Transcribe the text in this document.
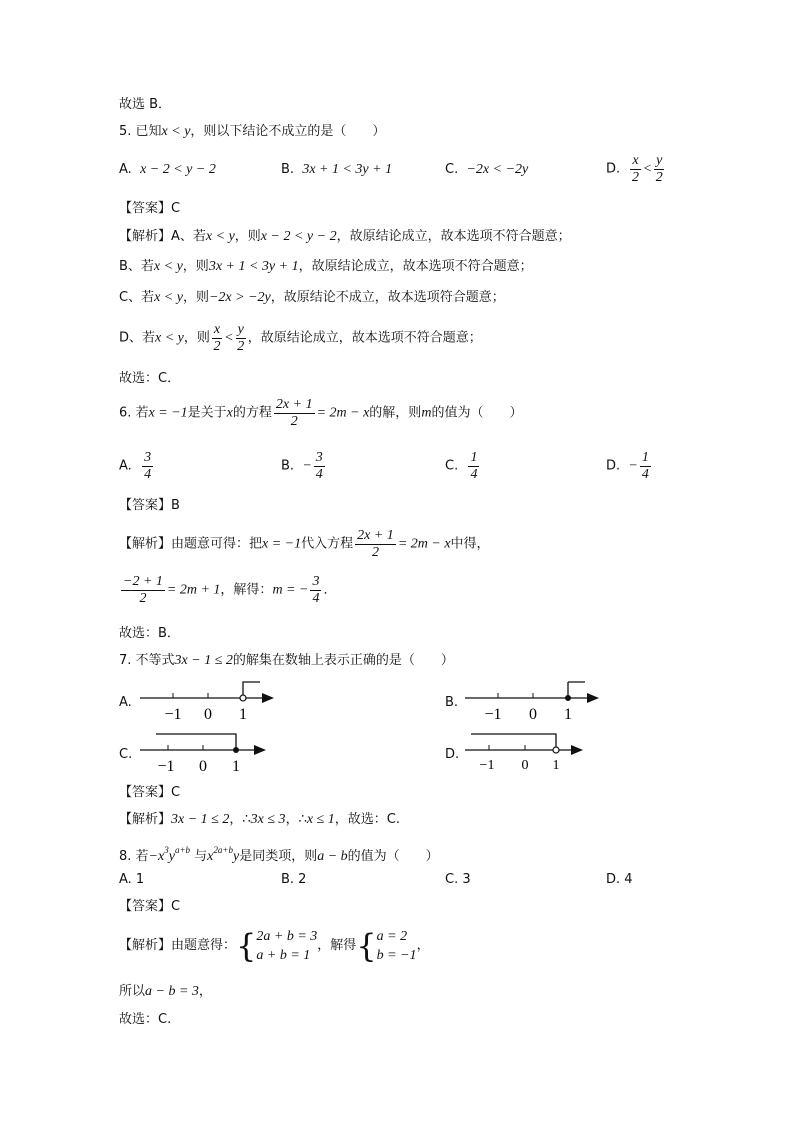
故选 B．
5. 已知x < y，则以下结论不成立的是（　　）
A. x − 2 < y − 2	B. 3x + 1 < 3y + 1	C. −2x < −2y	D. $\frac{x}{2} < \frac{y}{2}$
【答案】C
【解析】A、若x < y，则x − 2 < y − 2，故原结论成立，故本选项不符合题意；
B、若x < y，则3x + 1 < 3y + 1，故原结论成立，故本选项不符合题意；
C、若x < y，则−2x > −2y，故原结论不成立，故本选项符合题意；
D、若x < y，则 $\frac{x}{2} < \frac{y}{2}$ ，故原结论成立，故本选项不符合题意；
故选：C．
6. 若x = −1是关于x的方程 $\frac{2x + 1}{2} = 2m - x$的解，则m的值为（　　）
A. $\frac{3}{4}$	B. − $\frac{3}{4}$	C. $\frac{1}{4}$	D. − $\frac{1}{4}$
【答案】B
【解析】由题意可得：把x = −1代入方程 $\frac{2x + 1}{2} = 2m - x$中得，
$\frac{-2 + 1}{2} = 2m + 1$，解得：m = − $\frac{3}{4}$ ．
故选：B．
7. 不等式3x − 1 ≤ 2的解集在数轴上表示正确的是（　　）
A.
−1 0 1
B.
−1 0 1
C.
−1 0 1
D.
−1 0 1
【答案】C
【解析】3x − 1 ≤ 2，∴3x ≤ 3，∴x ≤ 1，故选：C.
8. 若$-x^3y^{a+b}$ 与$x^{2a+b}y$是同类项，则a − b的值为（　　）
A. 1	B. 2	C. 3	D. 4
【答案】C
【解析】由题意得：{ 2a + b = 3
a + b = 1
，解得{ a = 2
b = −1
，
所以a − b = 3，
故选：C.
